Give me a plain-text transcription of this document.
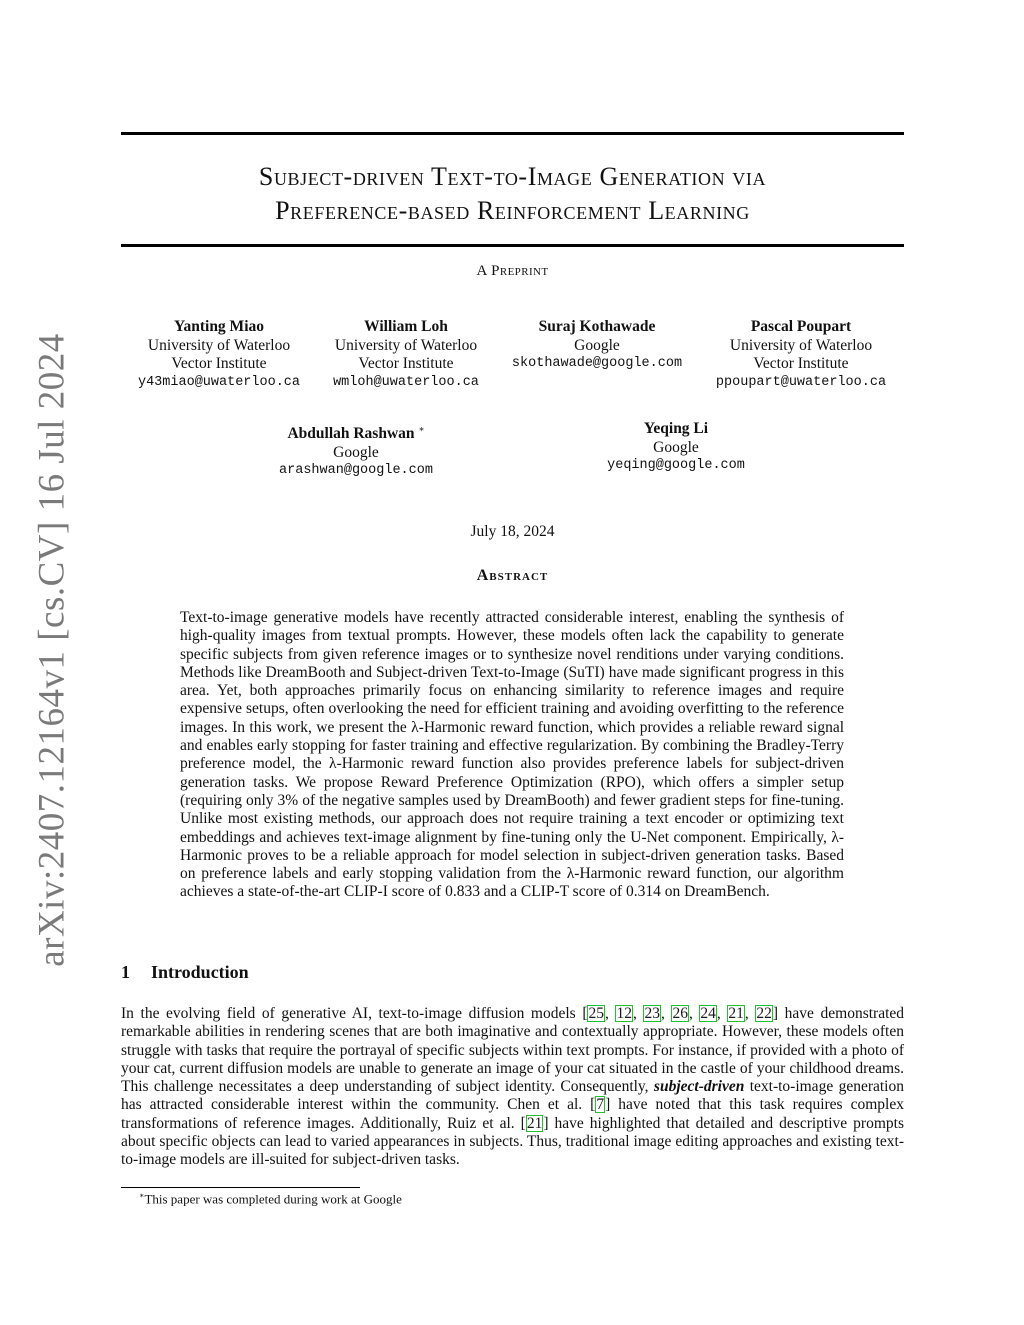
arXiv:2407.12164v1 [cs.CV] 16 Jul 2024
Subject-driven Text-to-Image Generation via
Preference-based Reinforcement Learning
A Preprint
Yanting Miao
University of Waterloo
Vector Institute
y43miao@uwaterloo.ca
William Loh
University of Waterloo
Vector Institute
wmloh@uwaterloo.ca
Suraj Kothawade
Google
skothawade@google.com
Pascal Poupart
University of Waterloo
Vector Institute
ppoupart@uwaterloo.ca
Abdullah Rashwan ∗
Google
arashwan@google.com
Yeqing Li
Google
yeqing@google.com
July 18, 2024
Abstract

Text-to-image generative models have recently attracted considerable interest, enabling the synthesis of high-quality images from textual prompts. However, these models often lack the capability to generate specific subjects from given reference images or to synthesize novel renditions under varying conditions. Methods like DreamBooth and Subject-driven Text-to-Image (SuTI) have made significant progress in this area. Yet, both approaches primarily focus on enhancing similarity to reference images and require expensive setups, often overlooking the need for efficient training and avoiding overfitting to the reference images. In this work, we present the λ-Harmonic reward function, which provides a reliable reward signal and enables early stopping for faster training and effective regularization. By combining the Bradley-Terry preference model, the λ-Harmonic reward function also provides preference labels for subject-driven generation tasks. We propose Reward Preference Optimization (RPO), which offers a simpler setup (requiring only 3% of the negative samples used by DreamBooth) and fewer gradient steps for fine-tuning. Unlike most existing methods, our approach does not require training a text encoder or optimizing text embeddings and achieves text-image alignment by fine-tuning only the U-Net component. Empirically, λ-Harmonic proves to be a reliable approach for model selection in subject-driven generation tasks. Based on preference labels and early stopping validation from the λ-Harmonic reward function, our algorithm achieves a state-of-the-art CLIP-I score of 0.833 and a CLIP-T score of 0.314 on DreamBench.

1 Introduction

In the evolving field of generative AI, text-to-image diffusion models [25, 12, 23, 26, 24, 21, 22] have demonstrated remarkable abilities in rendering scenes that are both imaginative and contextually appropriate. However, these models often struggle with tasks that require the portrayal of specific subjects within text prompts. For instance, if provided with a photo of your cat, current diffusion models are unable to generate an image of your cat situated in the castle of your childhood dreams. This challenge necessitates a deep understanding of subject identity. Consequently, subject-driven text-to-image generation has attracted considerable interest within the community. Chen et al. [7] have noted that this task requires complex transformations of reference images. Additionally, Ruiz et al. [21] have highlighted that detailed and descriptive prompts about specific objects can lead to varied appearances in subjects. Thus, traditional image editing approaches and existing text-to-image models are ill-suited for subject-driven tasks.

∗This paper was completed during work at Google
